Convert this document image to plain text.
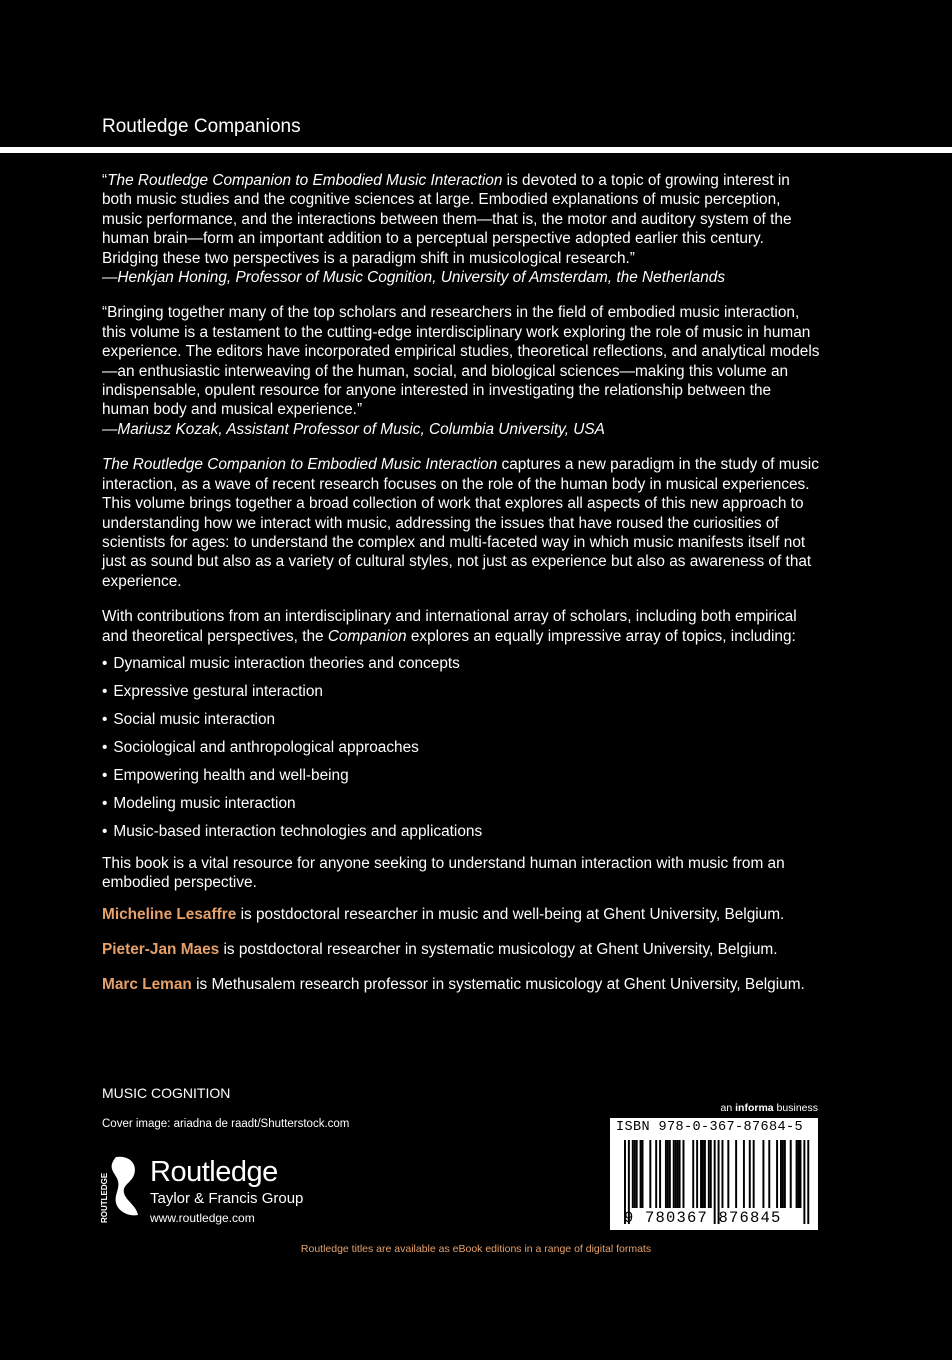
Routledge Companions
“The Routledge Companion to Embodied Music Interaction is devoted to a topic of growing interest in both music studies and the cognitive sciences at large. Embodied explanations of music perception, music performance, and the interactions between them—that is, the motor and auditory system of the human brain—form an important addition to a perceptual perspective adopted earlier this century. Bridging these two perspectives is a paradigm shift in musicological research.”
—Henkjan Honing, Professor of Music Cognition, University of Amsterdam, the Netherlands
“Bringing together many of the top scholars and researchers in the field of embodied music interaction, this volume is a testament to the cutting-edge interdisciplinary work exploring the role of music in human experience. The editors have incorporated empirical studies, theoretical reflections, and analytical models—an enthusiastic interweaving of the human, social, and biological sciences—making this volume an indispensable, opulent resource for anyone interested in investigating the relationship between the human body and musical experience.”
—Mariusz Kozak, Assistant Professor of Music, Columbia University, USA

The Routledge Companion to Embodied Music Interaction captures a new paradigm in the study of music interaction, as a wave of recent research focuses on the role of the human body in musical experiences. This volume brings together a broad collection of work that explores all aspects of this new approach to understanding how we interact with music, addressing the issues that have roused the curiosities of scientists for ages: to understand the complex and multi-faceted way in which music manifests itself not just as sound but also as a variety of cultural styles, not just as experience but also as awareness of that experience.

With contributions from an interdisciplinary and international array of scholars, including both empirical and theoretical perspectives, the Companion explores an equally impressive array of topics, including:

• Dynamical music interaction theories and concepts
• Expressive gestural interaction
• Social music interaction
• Sociological and anthropological approaches
• Empowering health and well-being
• Modeling music interaction
• Music-based interaction technologies and applications

This book is a vital resource for anyone seeking to understand human interaction with music from an embodied perspective.

Micheline Lesaffre is postdoctoral researcher in music and well-being at Ghent University, Belgium.

Pieter-Jan Maes is postdoctoral researcher in systematic musicology at Ghent University, Belgium.

Marc Leman is Methusalem research professor in systematic musicology at Ghent University, Belgium.

MUSIC COGNITION
Cover image: ariadna de raadt/Shutterstock.com
ROUTLEDGE
Routledge
Taylor & Francis Group
www.routledge.com
an informa business
ISBN 978-0-367-87684-5
9 780367 876845
Routledge titles are available as eBook editions in a range of digital formats
